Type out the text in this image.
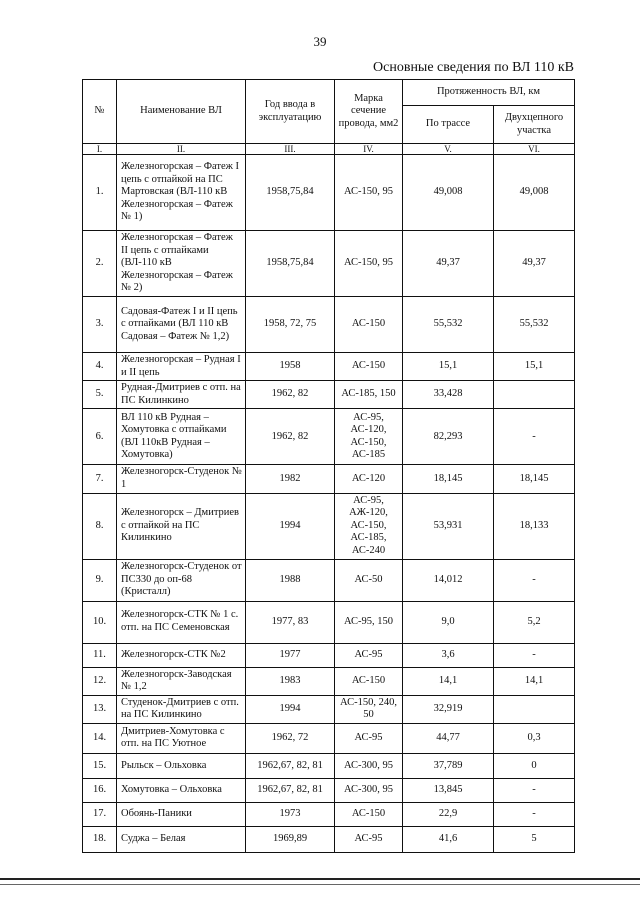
39
Основные сведения по ВЛ 110 кВ
№	Наименование ВЛ	Год ввода в эксплуатацию	Марка сечение провода, мм2	Протяженность ВЛ, км	
				По трассе	Двухцепного участка
I.	II.	III.	IV.	V.	VI.
1.	Железногорская – Фатеж I цепь с отпайкой на ПС Мартовская (ВЛ-110 кВ Железногорская – Фатеж № 1)	1958,75,84	АС-150, 95	49,008	49,008
2.	Железногорская – Фатеж II цепь с отпайками (ВЛ-110 кВ Железногорская – Фатеж № 2)	1958,75,84	АС-150, 95	49,37	49,37
3.	Садовая-Фатеж I и II цепь с отпайками (ВЛ 110 кВ Садовая – Фатеж № 1,2)	1958, 72, 75	АС-150	55,532	55,532
4.	Железногорская – Рудная I и II цепь	1958	АС-150	15,1	15,1
5.	Рудная-Дмитриев с отп. на ПС Килинкино	1962, 82	АС-185, 150	33,428	
6.	ВЛ 110 кВ Рудная – Хомутовка с отпайками (ВЛ 110кВ Рудная – Хомутовка)	1962, 82	АС-95, АС-120, АС-150, АС-185	82,293	-
7.	Железногорск-Студенок № 1	1982	АС-120	18,145	18,145
8.	Железногорск – Дмитриев с отпайкой на ПС Килинкино	1994	АС-95, АЖ-120, АС-150, АС-185, АС-240	53,931	18,133
9.	Железногорск-Студенок от ПС330 до оп-68 (Кристалл)	1988	АС-50	14,012	-
10.	Железногорск-СТК № 1 с. отп. на ПС Семеновская	1977, 83	АС-95, 150	9,0	5,2
11.	Железногорск-СТК №2	1977	АС-95	3,6	-
12.	Железногорск-Заводская № 1,2	1983	АС-150	14,1	14,1
13.	Студенок-Дмитриев с отп. на ПС Килинкино	1994	АС-150, 240, 50	32,919	
14.	Дмитриев-Хомутовка с отп. на ПС Уютное	1962, 72	АС-95	44,77	0,3
15.	Рыльск – Ольховка	1962,67, 82, 81	АС-300, 95	37,789	0
16.	Хомутовка – Ольховка	1962,67, 82, 81	АС-300, 95	13,845	-
17.	Обоянь-Паники	1973	АС-150	22,9	-
18.	Суджа – Белая	1969,89	АС-95	41,6	5
